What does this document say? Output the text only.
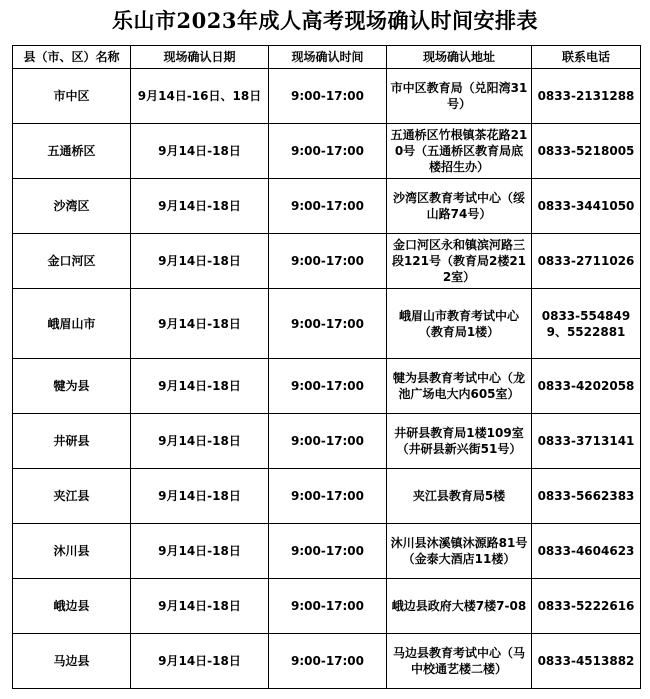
乐山市2023年成人高考现场确认时间安排表
县（市、区）名称	现场确认日期	现场确认时间	现场确认地址	联系电话
市中区	9月14日-16日、18日	9:00-17:00	市中区教育局（兑阳湾31号）	0833-2131288
五通桥区	9月14日-18日	9:00-17:00	五通桥区竹根镇茶花路210号（五通桥区教育局底楼招生办）	0833-5218005
沙湾区	9月14日-18日	9:00-17:00	沙湾区教育考试中心（绥山路74号）	0833-3441050
金口河区	9月14日-18日	9:00-17:00	金口河区永和镇滨河路三段121号（教育局2楼212室）	0833-2711026
峨眉山市	9月14日-18日	9:00-17:00	峨眉山市教育考试中心（教育局1楼）	0833-5548499、5522881
犍为县	9月14日-18日	9:00-17:00	犍为县教育考试中心（龙池广场电大内605室）	0833-4202058
井研县	9月14日-18日	9:00-17:00	井研县教育局1楼109室（井研县新兴街51号）	0833-3713141
夹江县	9月14日-18日	9:00-17:00	夹江县教育局5楼	0833-5662383
沐川县	9月14日-18日	9:00-17:00	沐川县沐溪镇沐源路81号（金泰大酒店11楼）	0833-4604623
峨边县	9月14日-18日	9:00-17:00	峨边县政府大楼7楼7-08	0833-5222616
马边县	9月14日-18日	9:00-17:00	马边县教育考试中心（马中校通艺楼二楼）	0833-4513882
